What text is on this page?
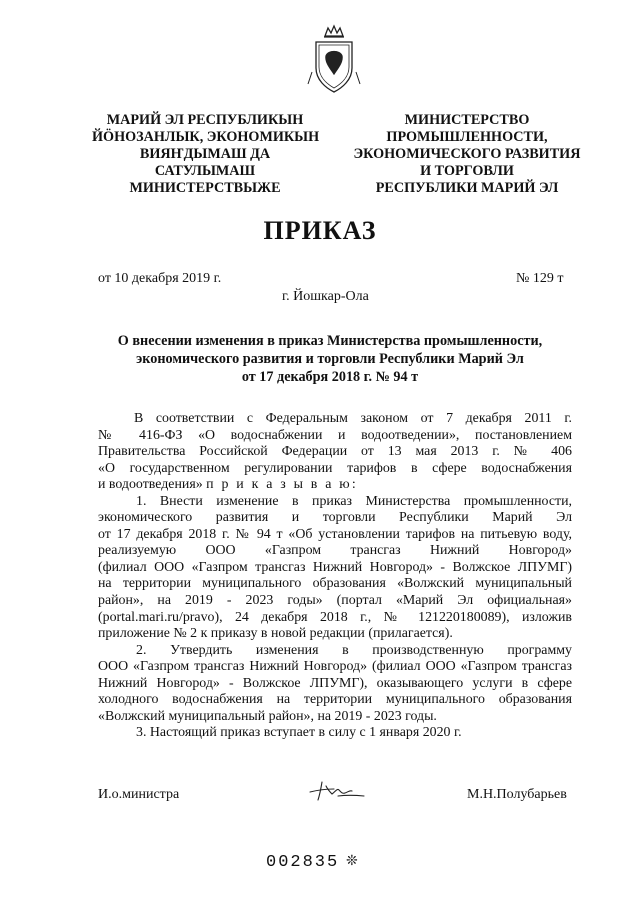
МАРИЙ ЭЛ РЕСПУБЛИКЫН
ЙӦНОЗАНЛЫК, ЭКОНОМИКЫН
ВИЯҤДЫМАШ ДА
САТУЛЫМАШ
МИНИСТЕРСТВЫЖЕ
МИНИСТЕРСТВО
ПРОМЫШЛЕННОСТИ,
ЭКОНОМИЧЕСКОГО РАЗВИТИЯ
И ТОРГОВЛИ
РЕСПУБЛИКИ МАРИЙ ЭЛ
ПРИКАЗ
от 10 декабря 2019 г.	№ 129 т
г. Йошкар-Ола
О внесении изменения в приказ Министерства промышленности,
экономического развития и торговли Республики Марий Эл
от 17 декабря 2018 г. № 94 т
В соответствии с Федеральным законом от 7 декабря 2011 г.
№ 416-ФЗ «О водоснабжении и водоотведении», постановлением
Правительства Российской Федерации от 13 мая 2013 г. № 406
«О государственном регулировании тарифов в сфере водоснабжения
и водоотведения» п р и к а з ы в а ю:
1. Внести изменение в приказ Министерства промышленности,
экономического развития и торговли Республики Марий Эл
от 17 декабря 2018 г. № 94 т «Об установлении тарифов на питьевую воду,
реализуемую ООО «Газпром трансгаз Нижний Новгород»
(филиал ООО «Газпром трансгаз Нижний Новгород» - Волжское ЛПУМГ)
на территории муниципального образования «Волжский муниципальный
район», на 2019 - 2023 годы» (портал «Марий Эл официальная»
(portal.mari.ru/pravo), 24 декабря 2018 г., № 121220180089), изложив
приложение № 2 к приказу в новой редакции (прилагается).
2. Утвердить изменения в производственную программу
ООО «Газпром трансгаз Нижний Новгород» (филиал ООО «Газпром трансгаз
Нижний Новгород» - Волжское ЛПУМГ), оказывающего услуги в сфере
холодного водоснабжения на территории муниципального образования
«Волжский муниципальный район», на 2019 - 2023 годы.
3. Настоящий приказ вступает в силу с 1 января 2020 г.
И.о.министра	М.Н.Полубарьев
002835 ❊
